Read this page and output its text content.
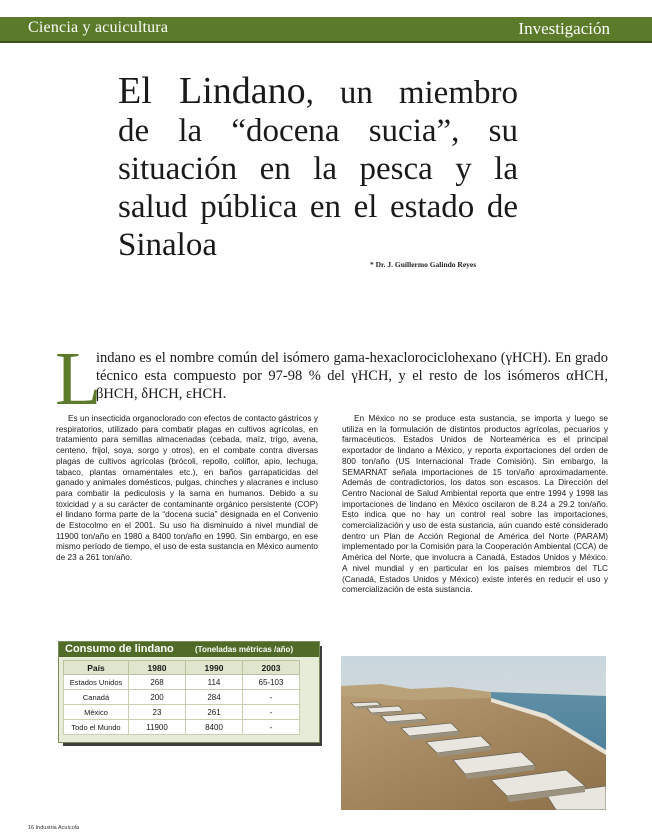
Ciencia y acuicultura	Investigación
El Lindano, un miembro
de la “docena sucia”, su
situación en la pesca y la
salud pública en el estado de
Sinaloa
* Dr. J. Guillermo Galindo Reyes
L

indano es el nombre común del isómero gama-hexaclorociclohexano (γHCH). En grado técnico esta compuesto por 97-98 % del γHCH, y el resto de los isómeros αHCH, βHCH, δHCH, εHCH.

Es un insecticida organoclorado con efectos de contacto gástricos y respiratorios, utilizado para combatir plagas en cultivos agrícolas, en tratamiento para semillas almacenadas (cebada, maíz, trigo, avena, centeno, frijol, soya, sorgo y otros), en el combate contra diversas plagas de cultivos agrícolas (brócoli, repollo, coliflor, apio, lechuga, tabaco, plantas ornamentales etc.), en baños garrapaticidas del ganado y animales domésticos, pulgas, chinches y alacranes e incluso para combatir la pediculosis y la sarna en humanos. Debido a su toxicidad y a su carácter de contaminante orgánico persistente (COP) el lindano forma parte de la “docena sucia” designada en el Convenio de Estocolmo en el 2001. Su uso ha disminuido a nivel mundial de 11900 ton/año en 1980 a 8400 ton/año en 1990. Sin embargo, en ese mismo período de tiempo, el uso de esta sustancia en México aumento de 23 a 261 ton/año.

En México no se produce esta sustancia, se importa y luego se utiliza en la formulación de distintos productos agrícolas, pecuarios y farmacéuticos. Estados Unidos de Norteamérica es el principal exportador de lindano a México, y reporta exportaciones del orden de 800 ton/año (US Internacional Trade Comisión). Sin embargo, la SEMARNAT señala importaciones de 15 ton/año aproximadamente. Además de contradictorios, los datos son escasos. La Dirección del Centro Nacional de Salud Ambiental reporta que entre 1994 y 1998 las importaciones de lindano en México oscilaron de 8.24 a 29.2 ton/año. Esto indica que no hay un control real sobre las importaciones, comercialización y uso de esta sustancia, aún cuando esté considerado dentro un Plan de Acción Regional de América del Norte (PARAM) implementado por la Comisión para la Cooperación Ambiental (CCA) de América del Norte, que involucra a Canadá, Estados Unidos y México. A nivel mundial y en particular en los países miembros del TLC (Canadá, Estados Unidos y México) existe interés en reducir el uso y comercialización de esta sustancia.

Consumo de lindano	(Toneladas métricas /año)
País	1980	1990	2003
Estados Unidos	268	114	65-103
Canadá	200	284	-
México	23	261	-
Todo el Mundo	11900	8400	-
16 Industria Acuícola
